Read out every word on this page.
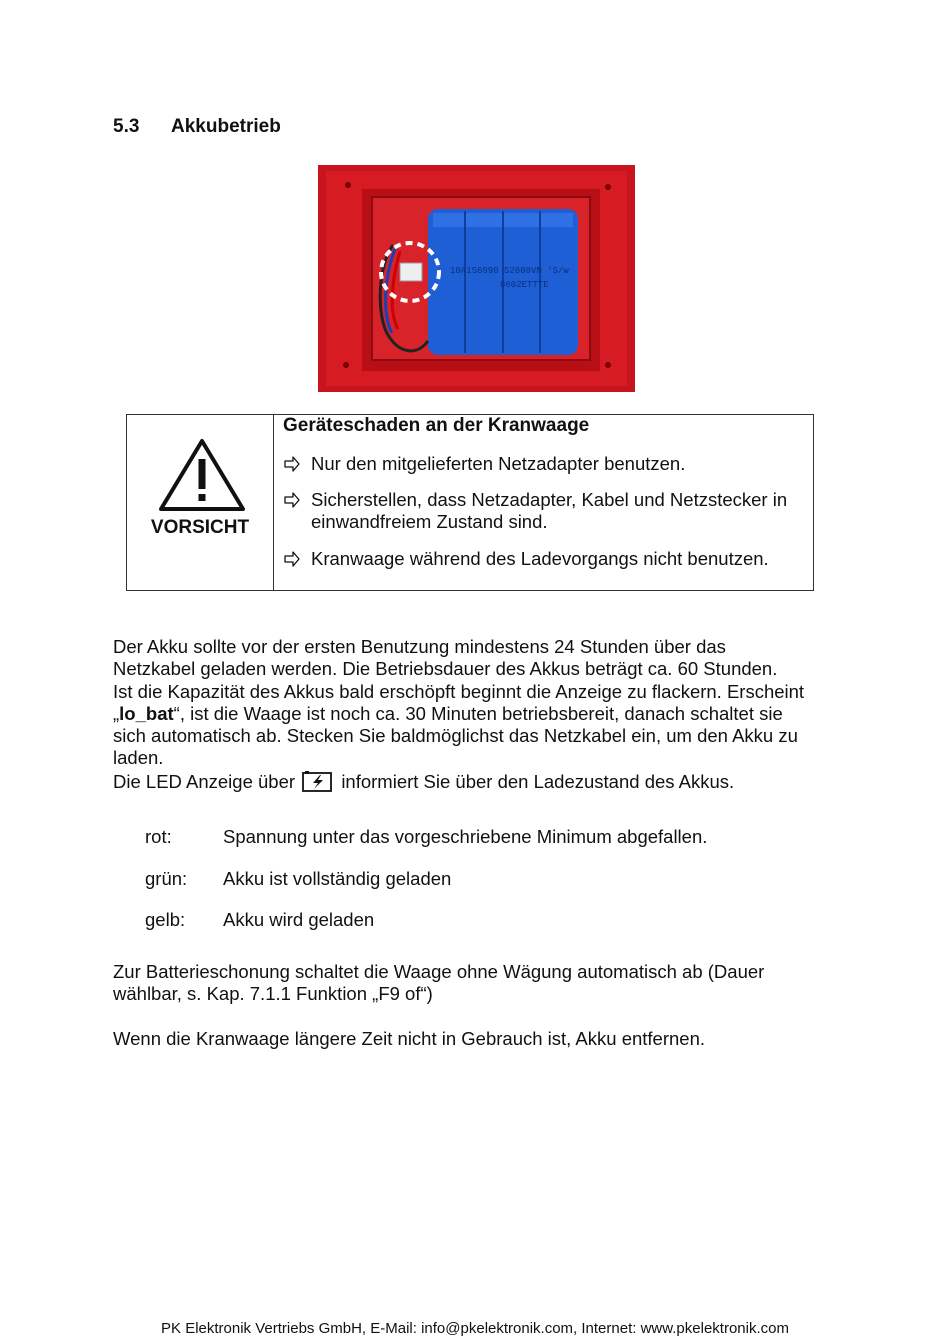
5.3 Akkubetrieb
10A1S6990 S2608VN 'S/w
8602ETTTE
VORSICHT
Geräteschaden an der Kranwaage
Nur den mitgelieferten Netzadapter benutzen.
Sicherstellen, dass Netzadapter, Kabel und Netzstecker in einwandfreiem Zustand sind.
Kranwaage während des Ladevorgangs nicht benutzen.
Der Akku sollte vor der ersten Benutzung mindestens 24 Stunden über das
Netzkabel geladen werden. Die Betriebsdauer des Akkus beträgt ca. 60 Stunden.
Ist die Kapazität des Akkus bald erschöpft beginnt die Anzeige zu flackern. Erscheint
„lo_bat“, ist die Waage ist noch ca. 30 Minuten betriebsbereit, danach schaltet sie
sich automatisch ab. Stecken Sie baldmöglichst das Netzkabel ein, um den Akku zu
laden.
Die LED Anzeige über	informiert Sie über den Ladezustand des Akkus.
rot:	Spannung unter das vorgeschriebene Minimum abgefallen.
grün: Akku ist vollständig geladen
gelb: Akku wird geladen
Zur Batterieschonung schaltet die Waage ohne Wägung automatisch ab (Dauer
wählbar, s. Kap. 7.1.1 Funktion „F9 of“)
Wenn die Kranwaage längere Zeit nicht in Gebrauch ist, Akku entfernen.
PK Elektronik Vertriebs GmbH, E-Mail: info@pkelektronik.com, Internet: www.pkelektronik.com
